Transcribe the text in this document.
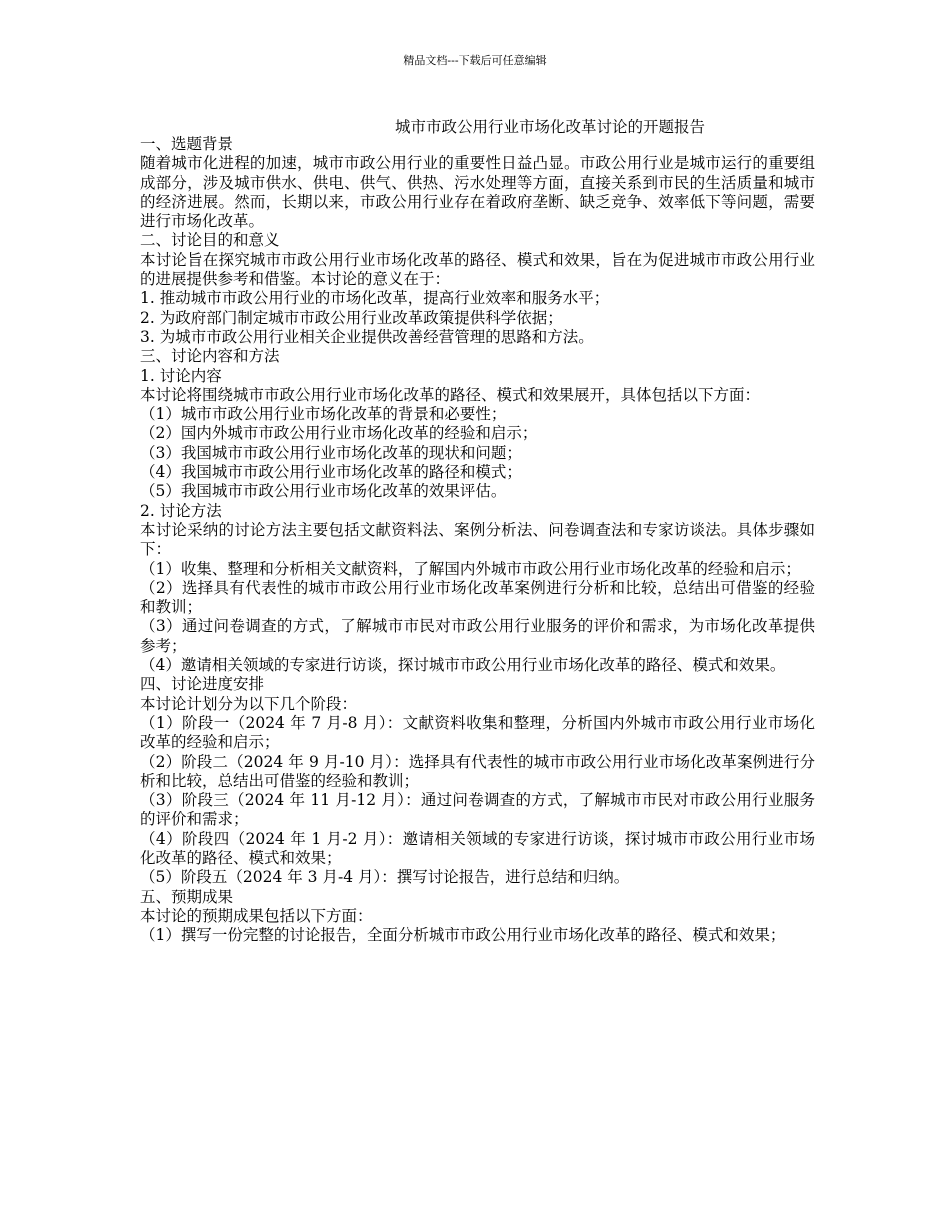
精品文档---下载后可任意编辑
城市市政公用行业市场化改革讨论的开题报告

一、选题背景

随着城市化进程的加速，城市市政公用行业的重要性日益凸显。市政公用行业是城市运行的重要组成部分，涉及城市供水、供电、供气、供热、污水处理等方面，直接关系到市民的生活质量和城市的经济进展。然而，长期以来，市政公用行业存在着政府垄断、缺乏竞争、效率低下等问题，需要进行市场化改革。

二、讨论目的和意义

本讨论旨在探究城市市政公用行业市场化改革的路径、模式和效果，旨在为促进城市市政公用行业的进展提供参考和借鉴。本讨论的意义在于：

1. 推动城市市政公用行业的市场化改革，提高行业效率和服务水平；

2. 为政府部门制定城市市政公用行业改革政策提供科学依据；

3. 为城市市政公用行业相关企业提供改善经营管理的思路和方法。

三、讨论内容和方法

1. 讨论内容

本讨论将围绕城市市政公用行业市场化改革的路径、模式和效果展开，具体包括以下方面：

（1）城市市政公用行业市场化改革的背景和必要性；

（2）国内外城市市政公用行业市场化改革的经验和启示；

（3）我国城市市政公用行业市场化改革的现状和问题；

（4）我国城市市政公用行业市场化改革的路径和模式；

（5）我国城市市政公用行业市场化改革的效果评估。

2. 讨论方法

本讨论采纳的讨论方法主要包括文献资料法、案例分析法、问卷调查法和专家访谈法。具体步骤如下：

（1）收集、整理和分析相关文献资料，了解国内外城市市政公用行业市场化改革的经验和启示；

（2）选择具有代表性的城市市政公用行业市场化改革案例进行分析和比较，总结出可借鉴的经验和教训；

（3）通过问卷调查的方式，了解城市市民对市政公用行业服务的评价和需求，为市场化改革提供参考；

（4）邀请相关领域的专家进行访谈，探讨城市市政公用行业市场化改革的路径、模式和效果。

四、讨论进度安排

本讨论计划分为以下几个阶段：

（1）阶段一（2024 年 7 月-8 月）：文献资料收集和整理，分析国内外城市市政公用行业市场化改革的经验和启示；

（2）阶段二（2024 年 9 月-10 月）：选择具有代表性的城市市政公用行业市场化改革案例进行分析和比较，总结出可借鉴的经验和教训；

（3）阶段三（2024 年 11 月-12 月）：通过问卷调查的方式，了解城市市民对市政公用行业服务的评价和需求；

（4）阶段四（2024 年 1 月-2 月）：邀请相关领域的专家进行访谈，探讨城市市政公用行业市场化改革的路径、模式和效果；

（5）阶段五（2024 年 3 月-4 月）：撰写讨论报告，进行总结和归纳。

五、预期成果

本讨论的预期成果包括以下方面：

（1）撰写一份完整的讨论报告，全面分析城市市政公用行业市场化改革的路径、模式和效果；
